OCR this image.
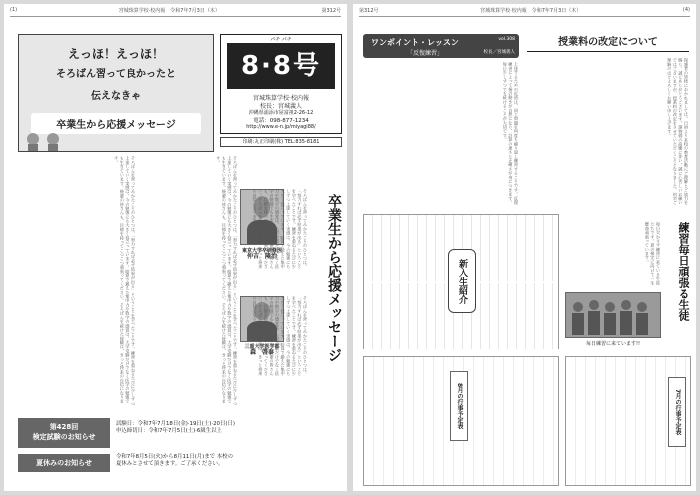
(1)	宮城珠算学校·校内報　令和7年7月3日（木）	第312号
えっほ！えっほ！
そろばん習って良かったと
伝えなきゃ
卒業生から応援メッセージ
パチ パチ
8·8号
宮城珠算学校·校内報
校長：宮城義人
沖縄県浦添市屋富祖2-26-12
電話：098-877-1234
http://www.e-n.jp/miyagi88/
印刷:丸正印刷(株) TEL:835-8181
そろばんを習ってみかたことのひとつは、「努力すれば必ず結果が出る」ということを学べたことです。練習を重ねるたびに少しずつ上達していく実感は、今の勉強にも大きく役立っています。暗算で鍛えた集中力や数字の感覚は、大学受験だけでなく医学の勉強でも生きています。後輩の皆さんも、目標を持ってこつこつ頑張ってください。そろばんを続けた経験は、きっと将来の自信になります。	そろばんを習ってみかたことのひとつは、「努力すれば必ず結果が出る」ということを学べたことです。練習を重ねるたびに少しずつ上達していく実感は、今の勉強にも大きく役立っています。暗算で鍛えた集中力や数字の感覚は、大学受験だけでなく医学の勉強でも生きています。後輩の皆さんも、目標を持ってこつこつ頑張ってください。そろばんを続けた経験は、きっと将来の自信になります。
東京大学卒研修医
仲吉　隆治	そろばんを習ってみかたことのひとつは、「努力すれば必ず結果が出る」ということを学べたことです。練習を重ねるたびに少しずつ上達していく実感は、今の勉強にも大きく役立っています。暗算で鍛えた集中力や数字の感覚は、大学受験だけでなく医学の勉強でも生きています。後輩の皆さんも、目標を持ってこつこつ頑張ってください。そろばんを続けた経験は、きっと将来の自信になります。
三重大学医学部
森　啓泰	そろばんを習ってみかたことのひとつは、「努力すれば必ず結果が出る」ということを学べたことです。練習を重ねるたびに少しずつ上達していく実感は、今の勉強にも大きく役立っています。暗算で鍛えた集中力や数字の感覚は、大学受験だけでなく医学の勉強でも生きています。後輩の皆さんも、目標を持ってこつこつ頑張ってください。そろばんを続けた経験は、きっと将来の自信になります。	卒業生から応援メッセージ
第428回
検定試験のお知らせ
試験日：令和7年7月18日(金)·19日(土)·20日(日)
申込締切日：令和7年7月5日(土)·6級生以上
夏休みのお知らせ
令和7年8月5日(火)から8月11日(月)まで 本校の
夏休みとさせて頂きます。ご了承ください。
第312号	宮城珠算学校·校内報　令和7年7月3日（木）	(4)
ワンポイント・レッスン	vol.308
「反復練習」	校長／宮城義人
上達するための近道は、同じ問題を何度も繰り返し練習することです。反復練習によって指の動きが自然になり、計算の速さと正確さが身につきます。毎日少しずつでも続けることが大切です。
授業料の改定について
保護者の皆様におかれましては、日頃より本校の教育活動にご理解とご協力を賜り、誠にありがとうございます。諸物価の高騰に伴い、誠に心苦しいお願いではございますが、授業料の改定をさせていただくこととなりました。何卒ご理解のほどよろしくお願い申し上げます。
新入生紹介	練習毎日頑張る生徒
毎日欠かさず練習に来ている生徒たちです。夏の検定に向けて一生懸命頑張っています。
毎日練習に来ています!!
8月の行事予定表	7月の行事予定表
